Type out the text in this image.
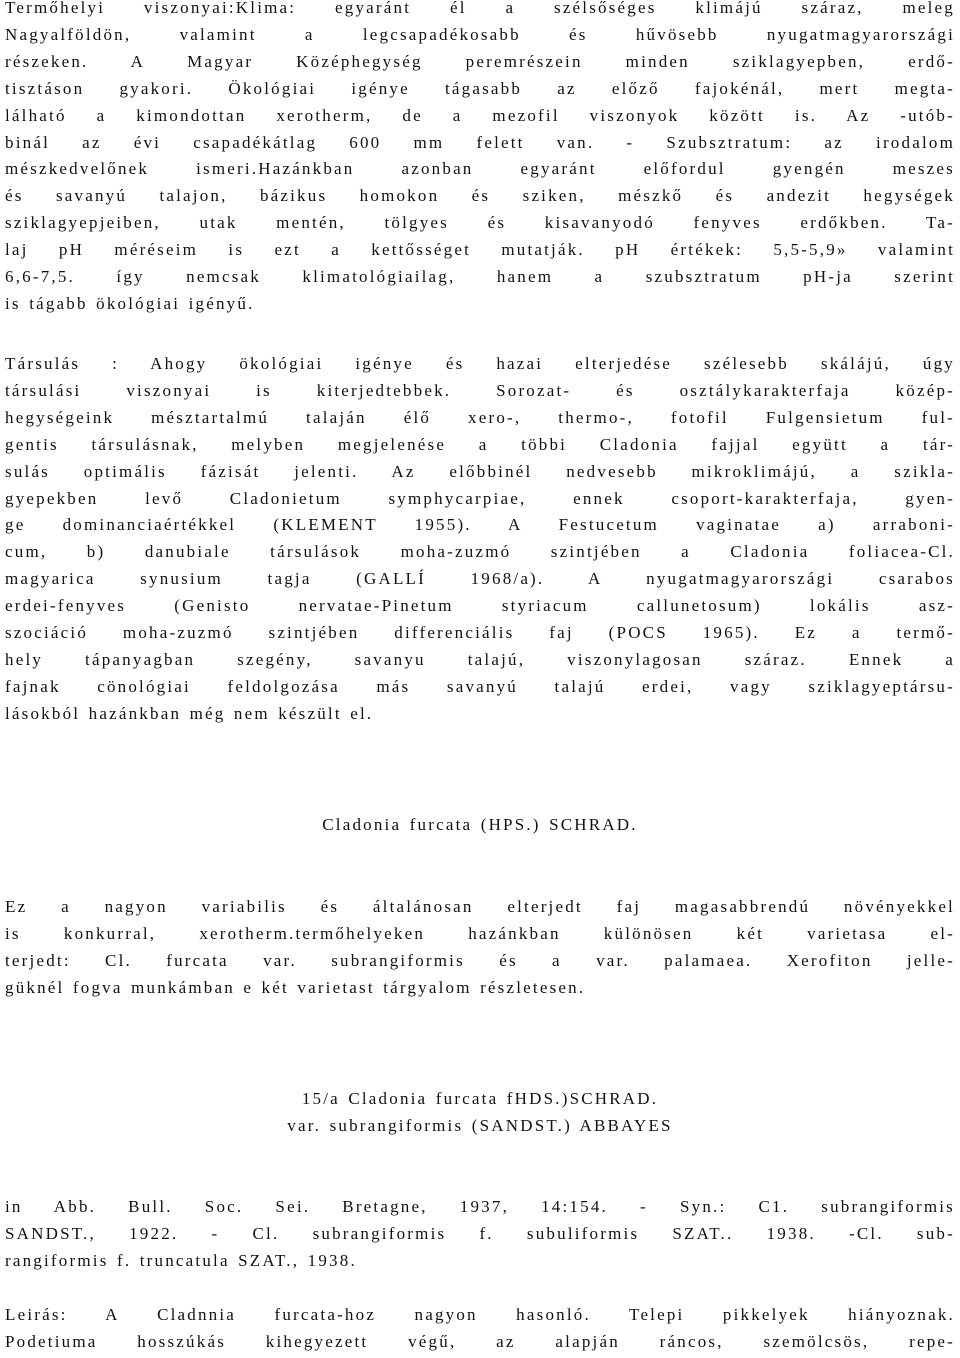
Termőhelyi viszonyai:Klima: egyaránt él a szélsőséges klimájú száraz, meleg
Nagyalföldön, valamint a legcsapadékosabb és hűvösebb nyugatmagyarországi
részeken. A Magyar Középhegység peremrészein minden sziklagyepben, erdő-
tisztáson gyakori. Ökológiai igénye tágasabb az előző fajokénál, mert megta-
lálható a kimondottan xerotherm, de a mezofil viszonyok között is. Az -utób-
binál az évi csapadékátlag 600 mm felett van. - Szubsztratum: az irodalom
mészkedvelőnek ismeri.Hazánkban azonban egyaránt előfordul gyengén meszes
és savanyú talajon, bázikus homokon és sziken, mészkő és andezit hegységek
sziklagyepjeiben, utak mentén, tölgyes és kisavanyodó fenyves erdőkben. Ta-
laj pH méréseim is ezt a kettősséget mutatják. pH értékek: 5,5-5,9» valamint
6,6-7,5. így nemcsak klimatológiailag, hanem a szubsztratum pH-ja szerint
is tágabb ökológiai igényű.
Társulás : Ahogy ökológiai igénye és hazai elterjedése szélesebb skálájú, úgy
társulási viszonyai is kiterjedtebbek. Sorozat- és osztálykarakterfaja közép-
hegységeink mésztartalmú talaján élő xero-, thermo-, fotofil Fulgensietum ful-
gentis társulásnak, melyben megjelenése a többi Cladonia fajjal együtt a tár-
sulás optimális fázisát jelenti. Az előbbinél nedvesebb mikroklimájú, a sziklа-
gyepekben levő Cladonietum symphycarpiae, ennek csoport-karakterfaja, gyen-
ge dominanciaértékkel (KLEMENT 1955). A Festucetum vaginatae a) arraboni-
cum, b) danubiale társulások moha-zuzmó szintjében a Cladonia foliacea-Cl.
magyarica synusium tagja (GALLÍ 1968/a). A nyugatmagyarországi csarabos
erdei-fenyves (Genisto nervatae-Pinetum styriacum callunetosum) lokális asz-
szociáció moha-zuzmó szintjében differenciális faj (POCS 1965). Ez a termő-
hely tápanyagban szegény, savanyu talajú, viszonylagosan száraz. Ennek a
fajnak cönológiai feldolgozása más savanyú talajú erdei, vagy sziklagyeptársu-
lásokból hazánkban még nem készült el.
Cladonia furcata (HPS.) SCHRAD.
Ez a nagyon variabilis és általánosan elterjedt faj magasabbrendú növényekkel
is konkurral, xerotherm.termőhelyeken hazánkban különösen két varietasa el-
terjedt: Cl. furcata var. subrangiformis és a var. palamaea. Xerofiton jelle-
güknél fogva munkámban e két varietast tárgyalom részletesen.
15/a Cladonia furcata fHDS.)SCHRAD.
var. subrangiformis (SANDST.) ABBAYES
in Abb. Bull. Soc. Sei. Bretagne, 1937, 14:154. - Syn.: C1. subrangiformis
SANDST., 1922. - Cl. subrangiformis f. subuliformis SZAT.. 1938. -Cl. sub-
rangiformis f. truncatula SZAT., 1938.
Leirás: A Cladnnia furcata-hoz nagyon hasonló. Telepi pikkelyek hiányoznak.
Podetiuma hosszúkás kihegyezett végű, az alapján ráncos, szemölcsös, repe-
